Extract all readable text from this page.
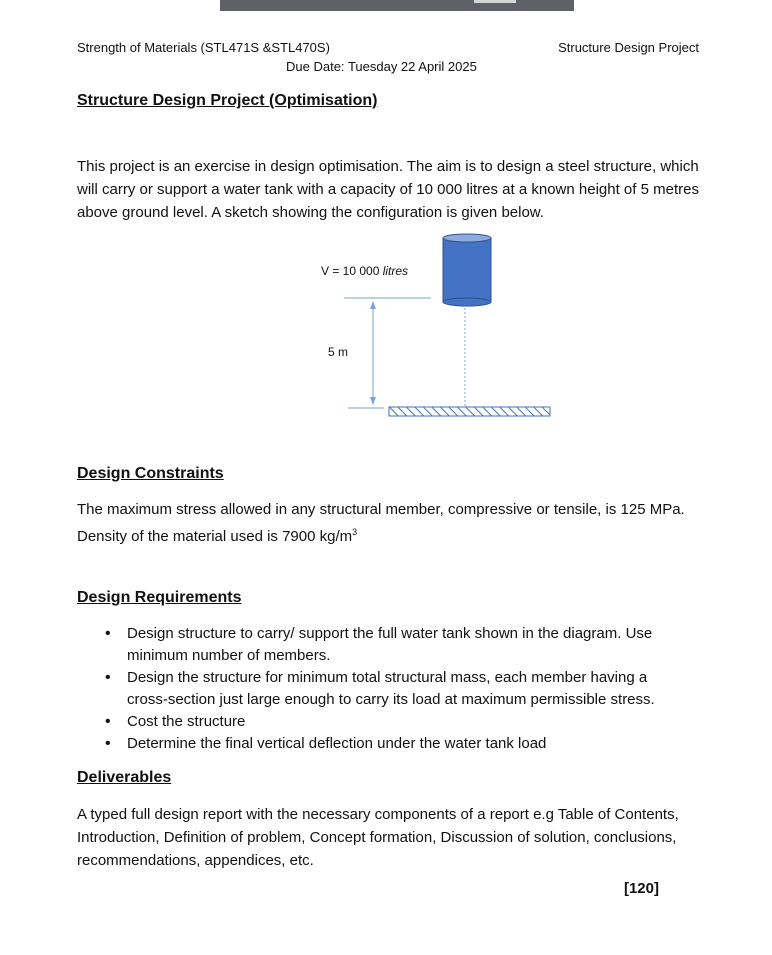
Strength of Materials (STL471S &STL470S)	Structure Design Project
Due Date: Tuesday 22 April 2025
Structure Design Project (Optimisation)
This project is an exercise in design optimisation. The aim is to design a steel structure, which will carry or support a water tank with a capacity of 10 000 litres at a known height of 5 metres above ground level. A sketch showing the configuration is given below.
V = 10 000 litres
5 m
Design Constraints
The maximum stress allowed in any structural member, compressive or tensile, is 125 MPa. Density of the material used is 7900 $kg/m^3$
Design Requirements
• Design structure to carry/ support the full water tank shown in the diagram. Use minimum number of members.
• Design the structure for minimum total structural mass, each member having a cross-section just large enough to carry its load at maximum permissible stress.
• Cost the structure
• Determine the final vertical deflection under the water tank load
Deliverables
A typed full design report with the necessary components of a report e.g Table of Contents, Introduction, Definition of problem, Concept formation, Discussion of solution, conclusions, recommendations, appendices, etc.
[120]
